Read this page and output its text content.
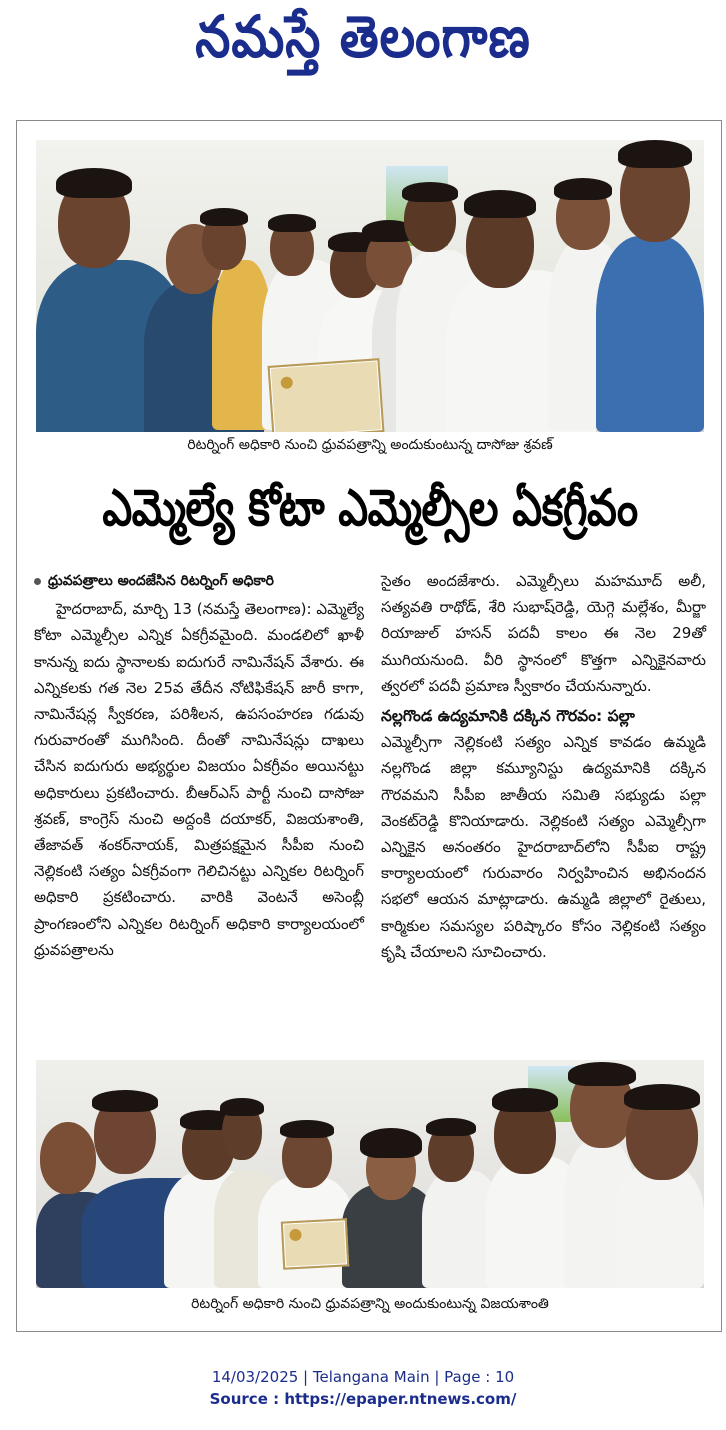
నమస్తే తెలంగాణ
రిటర్నింగ్ అధికారి నుంచి ధ్రువపత్రాన్ని అందుకుంటున్న దాసోజు శ్రవణ్
ఎమ్మెల్యే కోటా ఎమ్మెల్సీల ఏకగ్రీవం
ధ్రువపత్రాలు అందజేసిన రిటర్నింగ్ అధికారి

హైదరాబాద్, మార్చి 13 (నమస్తే తెలంగాణ): ఎమ్మెల్యే కోటా ఎమ్మెల్సీల ఎన్నిక ఏకగ్రీవమైంది. మండలిలో ఖాళీ కానున్న ఐదు స్థానాలకు ఐదుగురే నామినేషన్ వేశారు. ఈ ఎన్నికలకు గత నెల 25వ తేదీన నోటిఫికేషన్ జారీ కాగా, నామినేషన్ల స్వీకరణ, పరిశీలన, ఉపసంహరణ గడువు గురువారంతో ముగిసింది. దీంతో నామినేషన్లు దాఖలు చేసిన ఐదుగురు అభ్యర్థుల విజయం ఏకగ్రీవం అయినట్టు అధికారులు ప్రకటించారు. బీఆర్ఎస్ పార్టీ నుంచి దాసోజు శ్రవణ్, కాంగ్రెస్ నుంచి అద్దంకి దయాకర్, విజయశాంతి, తేజావత్ శంకర్‌నాయక్, మిత్రపక్షమైన సీపీఐ నుంచి నెల్లికంటి సత్యం ఏకగ్రీవంగా గెలిచినట్టు ఎన్నికల రిటర్నింగ్ అధికారి ప్రకటించారు. వారికి వెంటనే అసెంబ్లీ ప్రాంగణంలోని ఎన్నికల రిటర్నింగ్ అధికారి కార్యాలయంలో ధ్రువపత్రాలను

సైతం అందజేశారు. ఎమ్మెల్సీలు మహమూద్ అలీ, సత్యవతి రాథోడ్, శేరి సుభాష్‌రెడ్డి, యెగ్గె మల్లేశం, మీర్జా రియాజుల్ హసన్ పదవీ కాలం ఈ నెల 29తో ముగియనుంది. వీరి స్థానంలో కొత్తగా ఎన్నికైనవారు త్వరలో పదవీ ప్రమాణ స్వీకారం చేయనున్నారు.

నల్లగొండ ఉద్యమానికి దక్కిన గౌరవం: పల్లా

ఎమ్మెల్సీగా నెల్లికంటి సత్యం ఎన్నిక కావడం ఉమ్మడి నల్లగొండ జిల్లా కమ్యూనిస్టు ఉద్యమానికి దక్కిన గౌరవమని సీపీఐ జాతీయ సమితి సభ్యుడు పల్లా వెంకట్‌రెడ్డి కొనియాడారు. నెల్లికంటి సత్యం ఎమ్మెల్సీగా ఎన్నికైన అనంతరం హైదరాబాద్‌లోని సీపీఐ రాష్ట్ర కార్యాలయంలో గురువారం నిర్వహించిన అభినందన సభలో ఆయన మాట్లాడారు. ఉమ్మడి జిల్లాలో రైతులు, కార్మికుల సమస్యల పరిష్కారం కోసం నెల్లికంటి సత్యం కృషి చేయాలని సూచించారు.

రిటర్నింగ్ అధికారి నుంచి ధ్రువపత్రాన్ని అందుకుంటున్న విజయశాంతి
14/03/2025 | Telangana Main | Page : 10
Source : https://epaper.ntnews.com/
